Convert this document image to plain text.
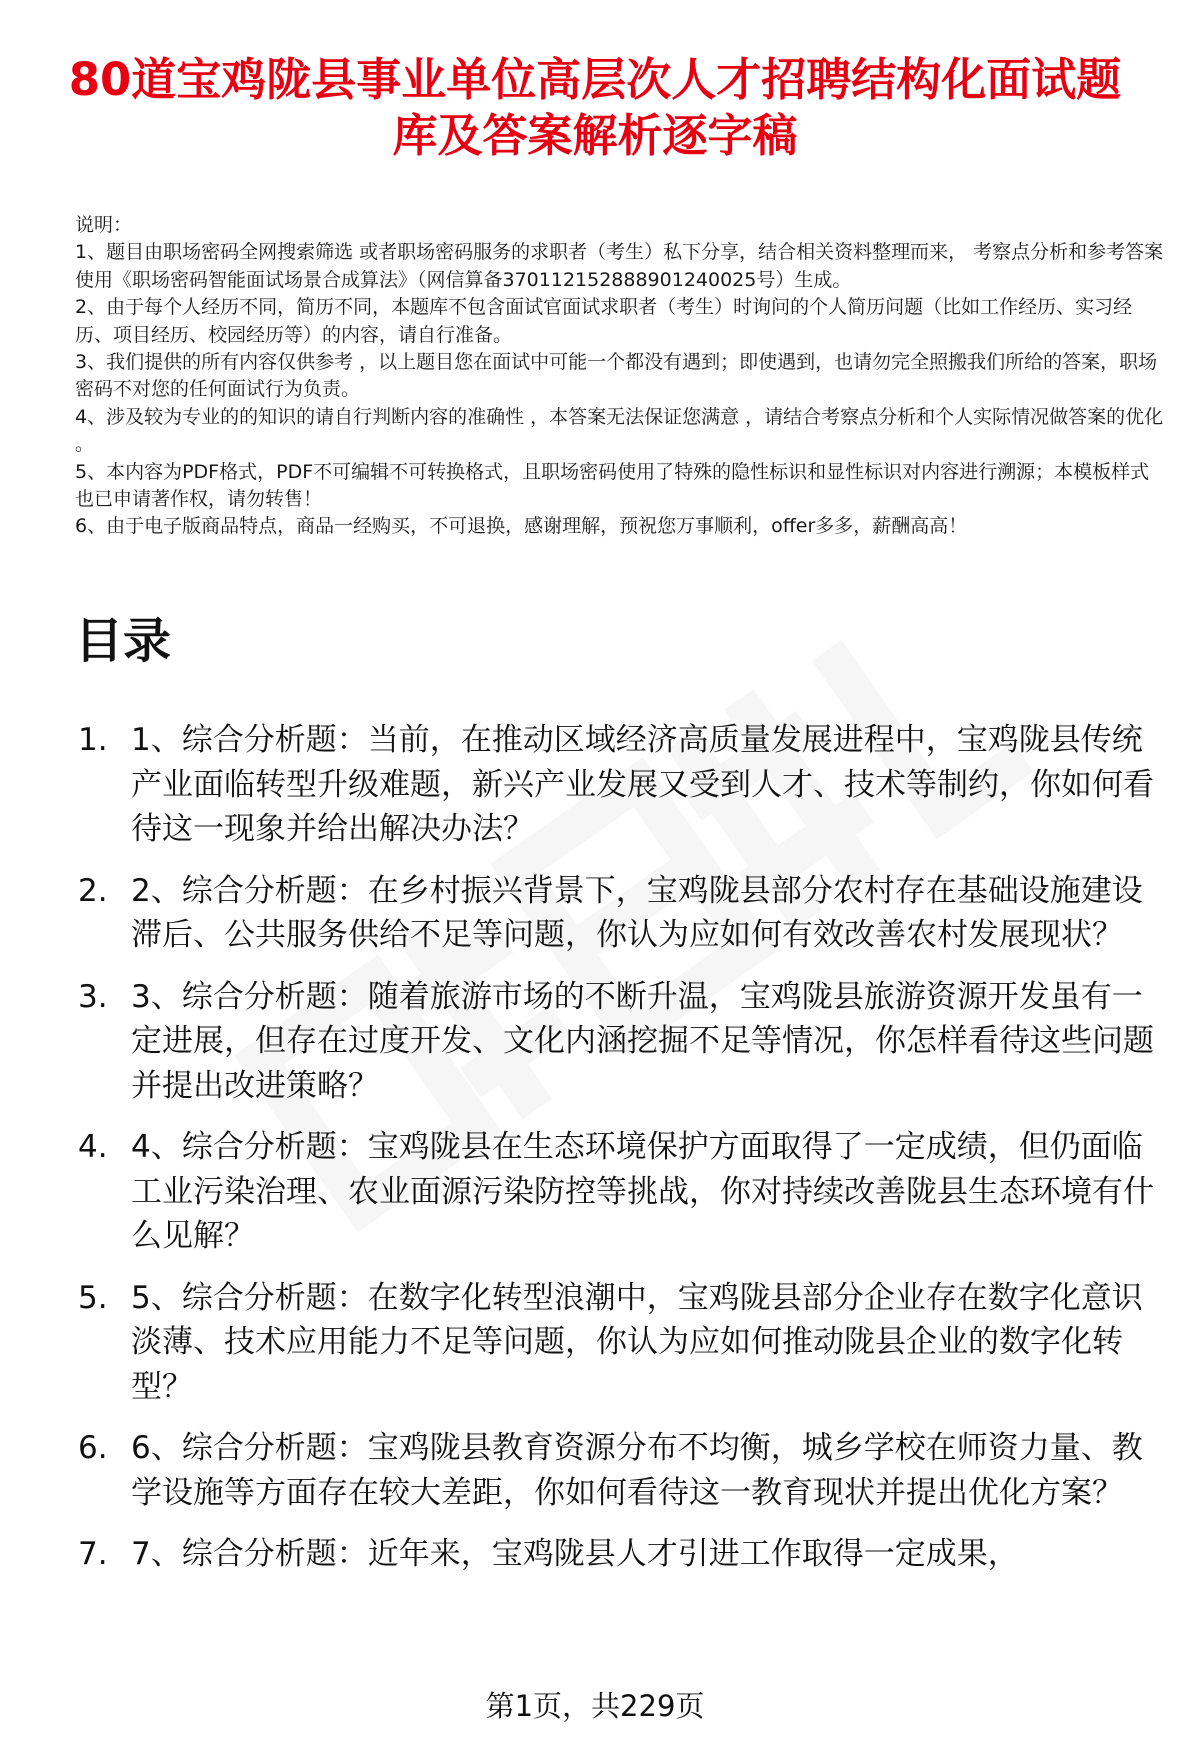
80道宝鸡陇县事业单位高层次人才招聘结构化面试题库及答案解析逐字稿
说明：
1、题目由职场密码全网搜索筛选 或者职场密码服务的求职者（考生）私下分享，结合相关资料整理而来， 考察点分析和参考答案使用《职场密码智能面试场景合成算法》（网信算备370112152888901240025号）生成。
2、由于每个人经历不同，简历不同，本题库不包含面试官面试求职者（考生）时询问的个人简历问题（比如工作经历、实习经历、项目经历、校园经历等）的内容，请自行准备。
3、我们提供的所有内容仅供参考 ，以上题目您在面试中可能一个都没有遇到；即使遇到，也请勿完全照搬我们所给的答案，职场密码不对您的任何面试行为负责。
4、涉及较为专业的的知识的请自行判断内容的准确性 ，本答案无法保证您满意 ，请结合考察点分析和个人实际情况做答案的优化 。
5、本内容为PDF格式，PDF不可编辑不可转换格式，且职场密码使用了特殊的隐性标识和显性标识对内容进行溯源；本模板样式也已申请著作权，请勿转售！
6、由于电子版商品特点，商品一经购买，不可退换，感谢理解，预祝您万事顺利，offer多多，薪酬高高！
目录
1. 1、综合分析题：当前，在推动区域经济高质量发展进程中，宝鸡陇县传统产业面临转型升级难题，新兴产业发展又受到人才、技术等制约，你如何看待这一现象并给出解决办法？
2. 2、综合分析题：在乡村振兴背景下，宝鸡陇县部分农村存在基础设施建设滞后、公共服务供给不足等问题，你认为应如何有效改善农村发展现状？
3. 3、综合分析题：随着旅游市场的不断升温，宝鸡陇县旅游资源开发虽有一定进展，但存在过度开发、文化内涵挖掘不足等情况，你怎样看待这些问题并提出改进策略？
4. 4、综合分析题：宝鸡陇县在生态环境保护方面取得了一定成绩，但仍面临工业污染治理、农业面源污染防控等挑战，你对持续改善陇县生态环境有什么见解？
5. 5、综合分析题：在数字化转型浪潮中，宝鸡陇县部分企业存在数字化意识淡薄、技术应用能力不足等问题，你认为应如何推动陇县企业的数字化转型？
6. 6、综合分析题：宝鸡陇县教育资源分布不均衡，城乡学校在师资力量、教学设施等方面存在较大差距，你如何看待这一教育现状并提出优化方案？
7. 7、综合分析题：近年来，宝鸡陇县人才引进工作取得一定成果，
第1页，共229页
